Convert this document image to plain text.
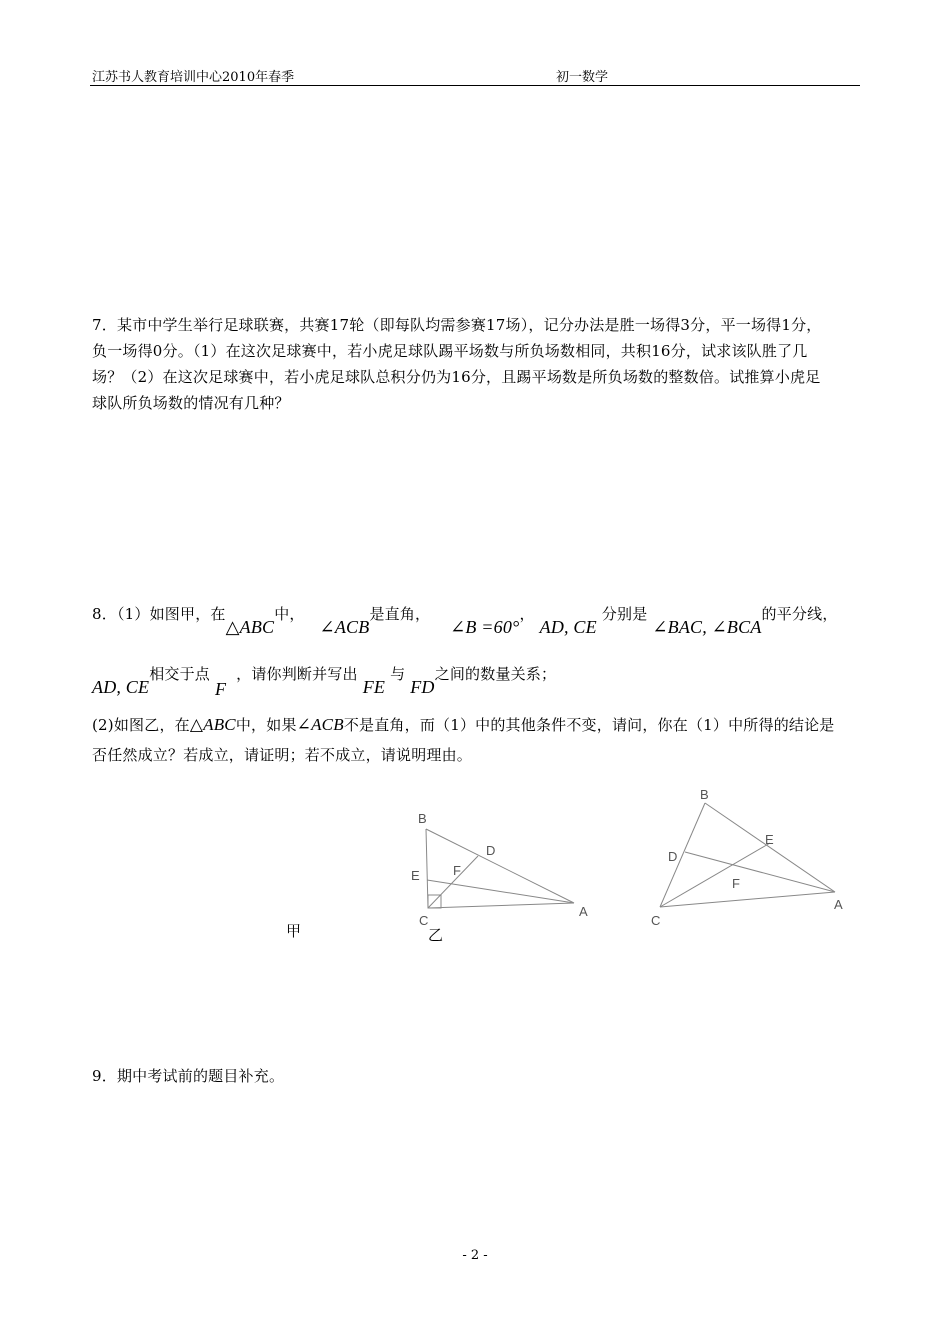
江苏书人教育培训中心2010年春季	初一数学
7．某市中学生举行足球联赛，共赛17轮（即每队均需参赛17场），记分办法是胜一场得3分，平一场得1分，
负一场得0分。（1）在这次足球赛中，若小虎足球队踢平场数与所负场数相同，共积16分，试求该队胜了几
场？（2）在这次足球赛中，若小虎足球队总积分仍为16分，且踢平场数是所负场数的整数倍。试推算小虎足
球队所负场数的情况有几种？
8．（1）如图甲，在△ABC中，   ∠ACB是直角，    ∠B =60°， AD, CE 分别是 ∠BAC, ∠BCA的平分线，
AD, CE相交于点 F  ，请你判断并写出 FE 与 FD之间的数量关系；
(2)如图乙，在△ABC中，如果∠ACB不是直角，而（1）中的其他条件不变，请问，你在（1）中所得的结论是
否任然成立？若成立，请证明；若不成立，请说明理由。
甲	乙
B
D
E	F
C
A
B
E
D
F
A
C
9．期中考试前的题目补充。
- 2 -
